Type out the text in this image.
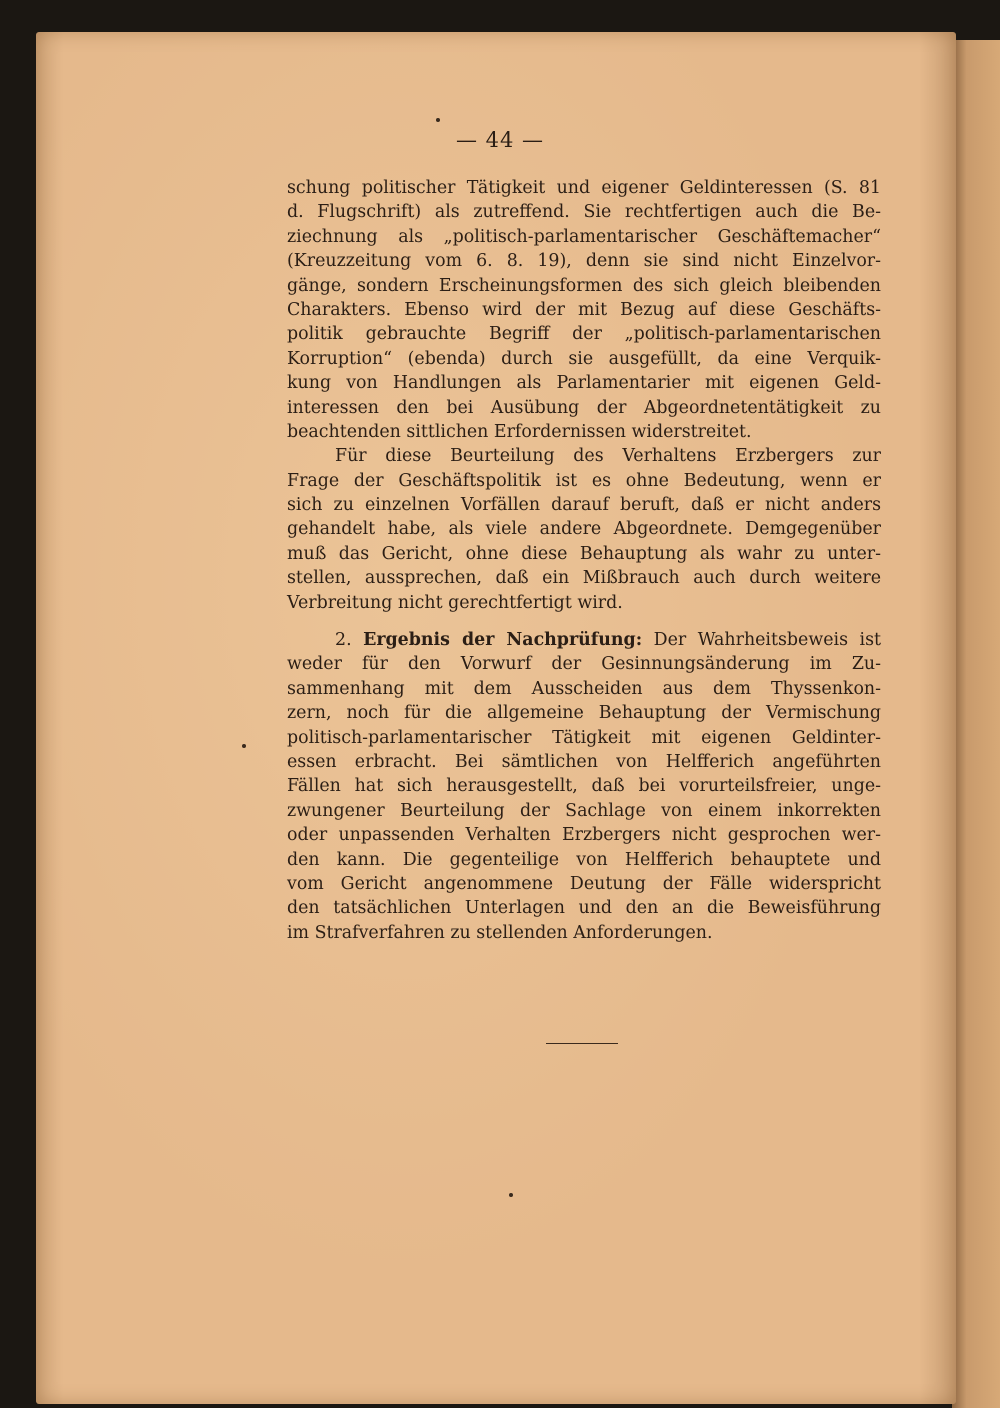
— 44 —
schung politischer Tätigkeit und eigener Geldinteressen (S. 81
d. Flugschrift) als zutreffend. Sie rechtfertigen auch die Be-
ziechnung als „politisch-parlamentarischer Geschäftemacher“
(Kreuzzeitung vom 6. 8. 19), denn sie sind nicht Einzelvor-
gänge, sondern Erscheinungsformen des sich gleich bleibenden
Charakters. Ebenso wird der mit Bezug auf diese Geschäfts-
politik gebrauchte Begriff der „politisch-parlamentarischen
Korruption“ (ebenda) durch sie ausgefüllt, da eine Verquik-
kung von Handlungen als Parlamentarier mit eigenen Geld-
interessen den bei Ausübung der Abgeordnetentätigkeit zu
beachtenden sittlichen Erfordernissen widerstreitet.
Für diese Beurteilung des Verhaltens Erzbergers zur
Frage der Geschäftspolitik ist es ohne Bedeutung, wenn er
sich zu einzelnen Vorfällen darauf beruft, daß er nicht anders
gehandelt habe, als viele andere Abgeordnete. Demgegenüber
muß das Gericht, ohne diese Behauptung als wahr zu unter-
stellen, aussprechen, daß ein Mißbrauch auch durch weitere
Verbreitung nicht gerechtfertigt wird.
2. Ergebnis der Nachprüfung: Der Wahrheitsbeweis ist
weder für den Vorwurf der Gesinnungsänderung im Zu-
sammenhang mit dem Ausscheiden aus dem Thyssenkon-
zern, noch für die allgemeine Behauptung der Vermischung
politisch-parlamentarischer Tätigkeit mit eigenen Geldinter-
essen erbracht. Bei sämtlichen von Helfferich angeführten
Fällen hat sich herausgestellt, daß bei vorurteilsfreier, unge-
zwungener Beurteilung der Sachlage von einem inkorrekten
oder unpassenden Verhalten Erzbergers nicht gesprochen wer-
den kann. Die gegenteilige von Helfferich behauptete und
vom Gericht angenommene Deutung der Fälle widerspricht
den tatsächlichen Unterlagen und den an die Beweisführung
im Strafverfahren zu stellenden Anforderungen.
